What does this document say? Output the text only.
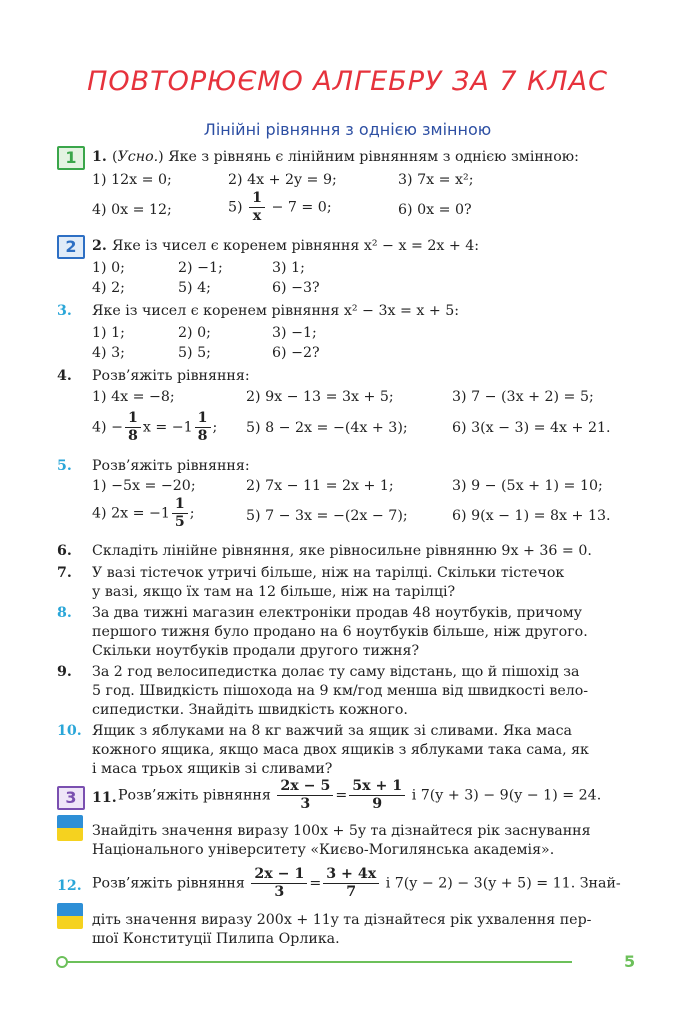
ПОВТОРЮЄМО АЛГЕБРУ ЗА 7 КЛАС
Лінійні рівняння з однією змінною
1	1. (Усно.) Яке з рівнянь є лінійним рівнянням з однією змінною:
1) 12x = 0;	2) 4x + 2y = 9;	3) 7x = x²;
4) 0x = 12;	$5) \frac{1}{x} - 7 = 0$;	6) 0x = 0?
2	2. Яке із чисел є коренем рівняння x² − x = 2x + 4:
1) 0;	2) −1;	3) 1;
4) 2;	5) 4;	6) −3?
3. Яке із чисел є коренем рівняння x² − 3x = x + 5:
1) 1;	2) 0;	3) −1;
4) 3;	5) 5;	6) −2?
4. Розв’яжіть рівняння:
1) 4x = −8;	2) 9x − 13 = 3x + 5;	3) 7 − (3x + 2) = 5;
$4) - \frac{1}{8}$ $x = -1 \frac{1}{8}$ ; 5) 8 − 2x = −(4x + 3);	6) 3(x − 3) = 4x + 21.
5. Розв’яжіть рівняння:
1) −5x = −20;	2) 7x − 11 = 2x + 1;	3) 9 − (5x + 1) = 10;
4) $2x = -1 \frac{1}{5}$ ;	5) 7 − 3x = −(2x − 7);	6) 9(x − 1) = 8x + 13.
6. Складіть лінійне рівняння, яке рівносильне рівнянню 9x + 36 = 0.
7. У вазі тістечок утричі більше, ніж на тарілці. Скільки тістечок
у вазі, якщо їх там на 12 більше, ніж на тарілці?
8. За два тижні магазин електроніки продав 48 ноутбуків, причому
першого тижня було продано на 6 ноутбуків більше, ніж другого.
Скільки ноутбуків продали другого тижня?
9. За 2 год велосипедистка долає ту саму відстань, що й пішохід за
5 год. Швидкість пішохода на 9 км/год менша від швидкості вело-
сипедистки. Знайдіть швидкість кожного.
10. Ящик з яблуками на 8 кг важчий за ящик зі сливами. Яка маса
кожного ящика, якщо маса двох ящиків з яблуками така сама, як
і маса трьох ящиків зі сливами?
3	11. Розв’яжіть рівняння $\frac{2x - 5}{3} = \frac{5x + 1}{9}$ і 7(y + 3) − 9(y − 1) = 24.
Знайдіть значення виразу 100x + 5y та дізнайтеся рік заснування
Національного університету «Києво-Могилянська академія».
12. Розв’яжіть рівняння $\frac{2x - 1}{3} = \frac{3 + 4x}{7}$ і 7(y − 2) − 3(y + 5) = 11. Знай-
діть значення виразу 200x + 11y та дізнайтеся рік ухвалення пер-
шої Конституції Пилипа Орлика.
5
